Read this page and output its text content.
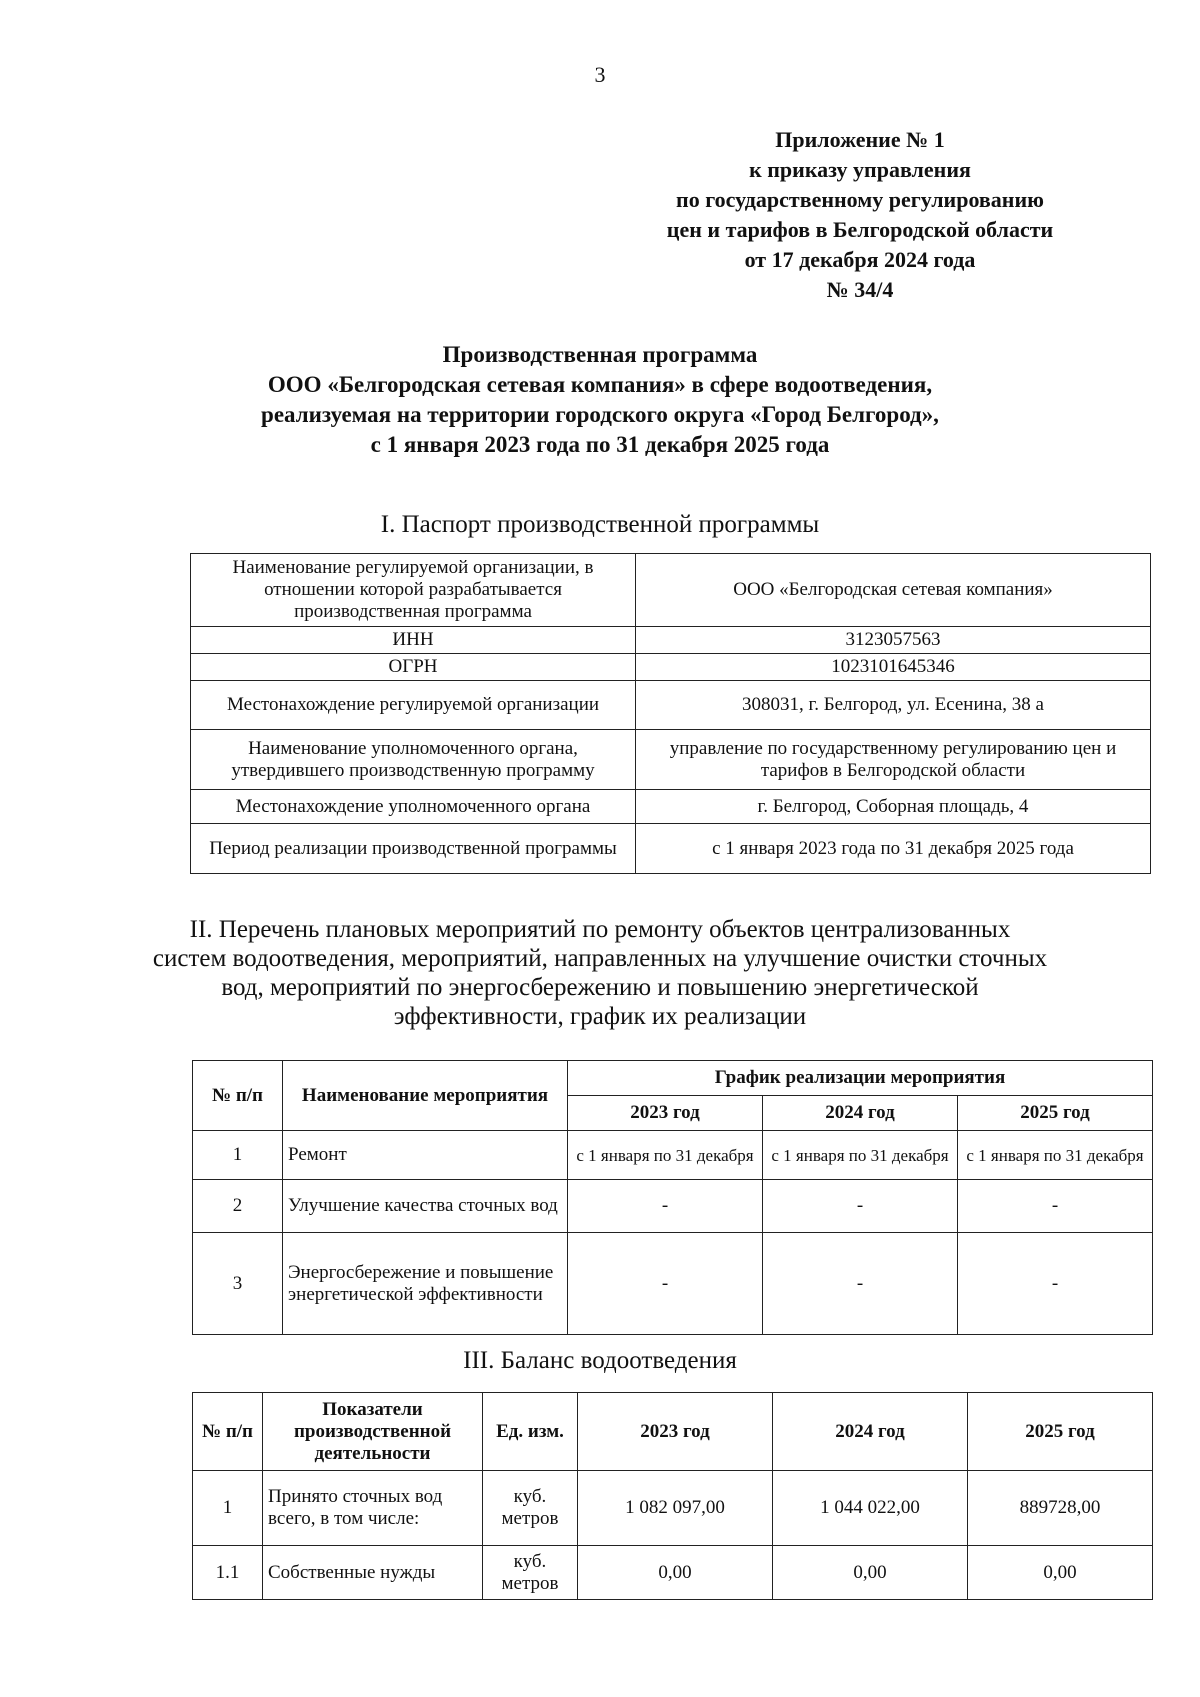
3
Приложение № 1
к приказу управления
по государственному регулированию
цен и тарифов в Белгородской области
от 17 декабря 2024 года
№ 34/4
Производственная программа
ООО «Белгородская сетевая компания» в сфере водоотведения,
реализуемая на территории городского округа «Город Белгород»,
с 1 января 2023 года по 31 декабря 2025 года
I. Паспорт производственной программы
Наименование регулируемой организации, в отношении которой разрабатывается производственная программа	ООО «Белгородская сетевая компания»
ИНН	3123057563
ОГРН	1023101645346
Местонахождение регулируемой организации	308031, г. Белгород, ул. Есенина, 38 а
Наименование уполномоченного органа, утвердившего производственную программу	управление по государственному регулированию цен и тарифов в Белгородской области
Местонахождение уполномоченного органа	г. Белгород, Соборная площадь, 4
Период реализации производственной программы	с 1 января 2023 года по 31 декабря 2025 года
II. Перечень плановых мероприятий по ремонту объектов централизованных
систем водоотведения, мероприятий, направленных на улучшение очистки сточных
вод, мероприятий по энергосбережению и повышению энергетической
эффективности, график их реализации
№ п/п	Наименование мероприятия	График реализации мероприятия		
		2023 год	2024 год	2025 год
1	Ремонт	с 1 января по 31 декабря	с 1 января по 31 декабря	с 1 января по 31 декабря
2	Улучшение качества сточных вод	-	-	-
3	Энергосбережение и повышение энергетической эффективности	-	-	-
III. Баланс водоотведения
№ п/п	Показатели производственной деятельности	Ед. изм.	2023 год	2024 год	2025 год
1	Принято сточных вод всего, в том числе:	куб. метров	1 082 097,00	1 044 022,00	889728,00
1.1	Собственные нужды	куб. метров	0,00	0,00	0,00
